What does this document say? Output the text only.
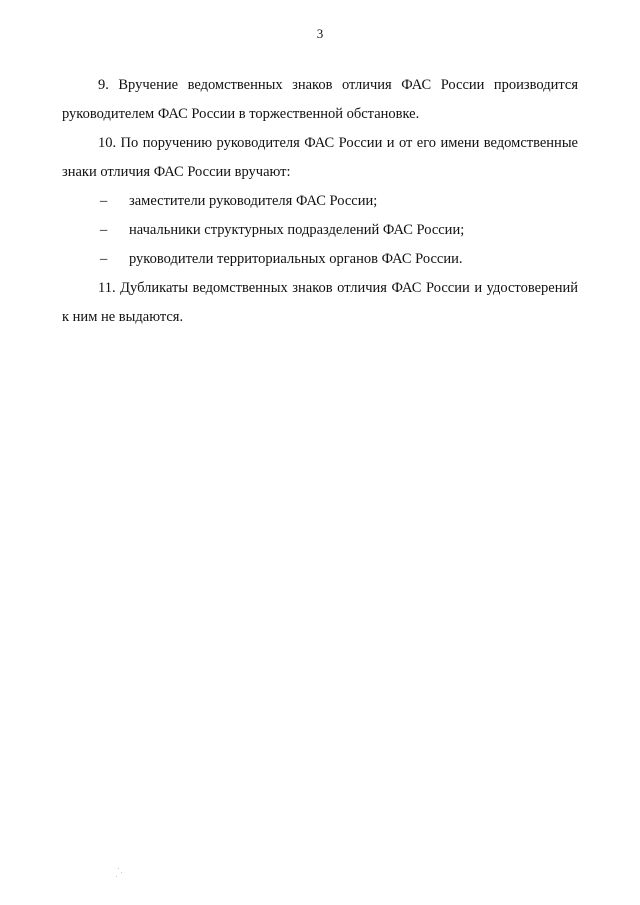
3

9. Вручение ведомственных знаков отличия ФАС России производится руководителем ФАС России в торжественной обстановке.

10. По поручению руководителя ФАС России и от его имени ведомственные знаки отличия ФАС России вручают:

– заместители руководителя ФАС России;
– начальники структурных подразделений ФАС России;
– руководители территориальных органов ФАС России.

11. Дубликаты ведомственных знаков отличия ФАС России и удостоверений к ним не выдаются.
